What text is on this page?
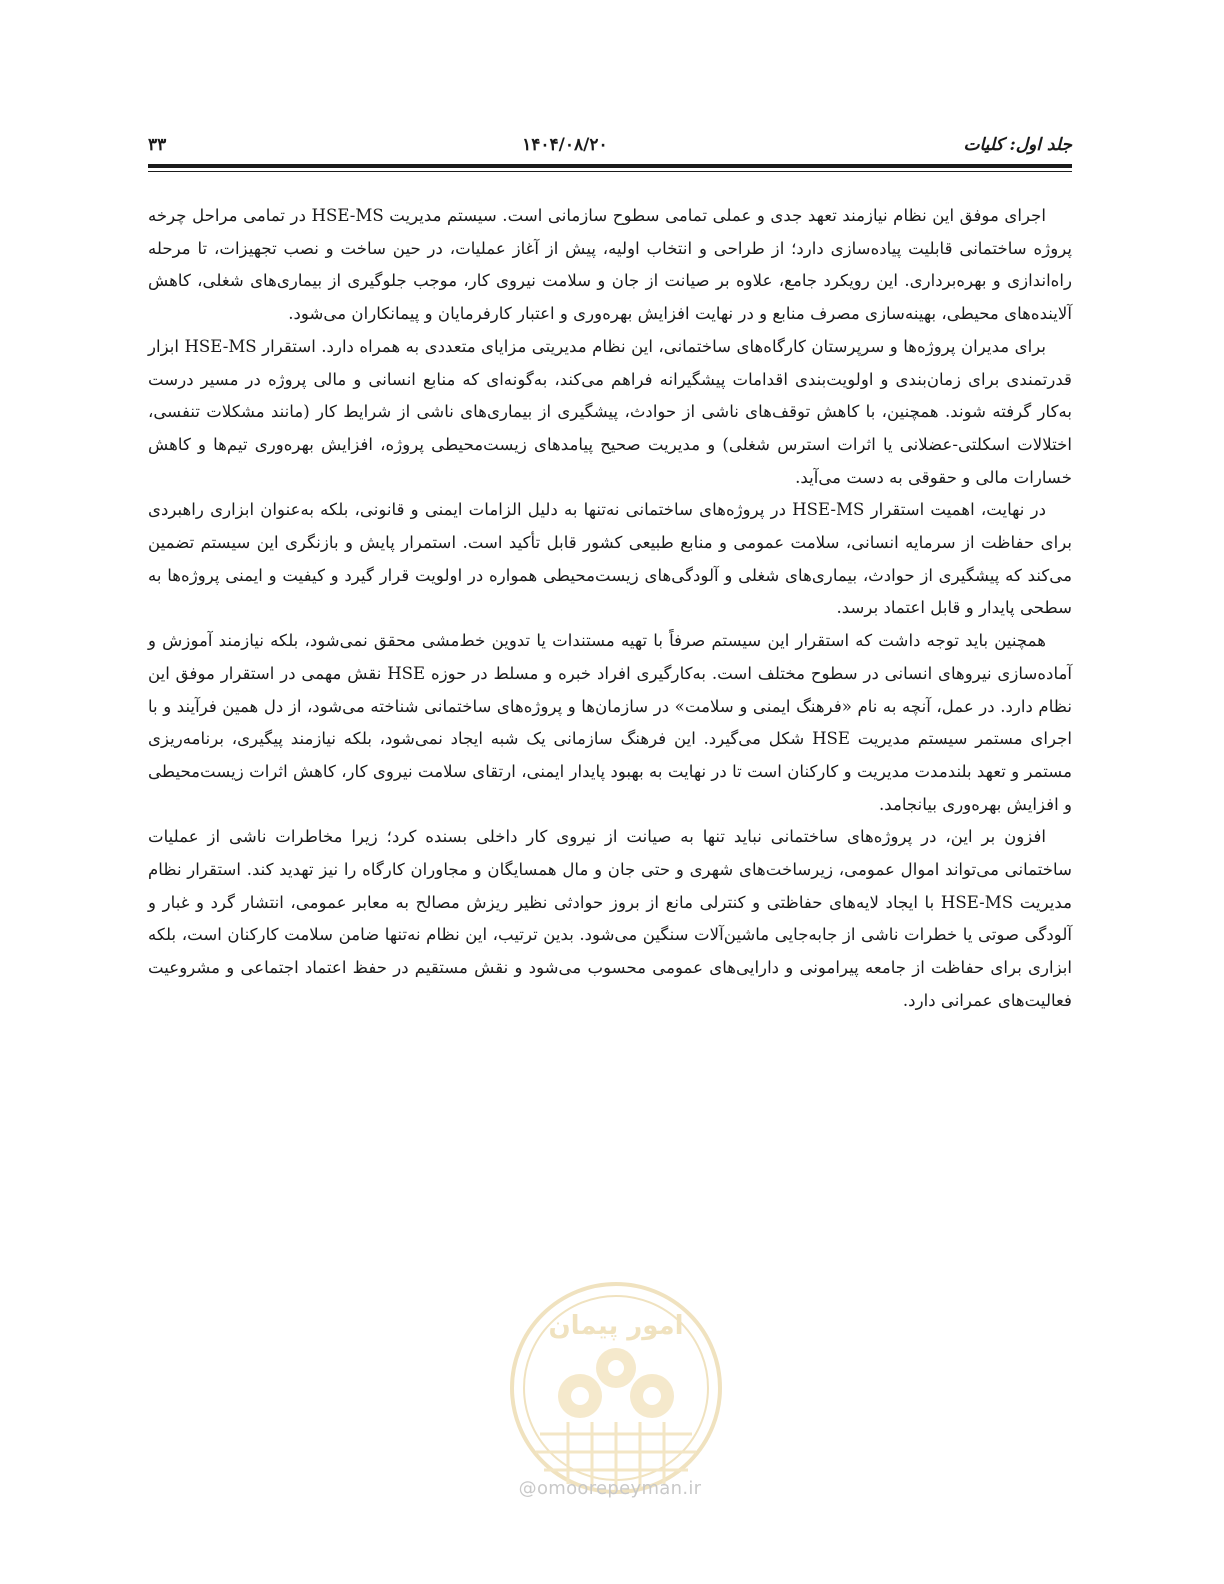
جلد اول: کلیات
۱۴۰۴/۰۸/۲۰
۳۳

اجرای موفق این نظام نیازمند تعهد جدی و عملی تمامی سطوح سازمانی است. سیستم مدیریت HSE-MS در تمامی مراحل چرخه پروژه ساختمانی قابلیت پیاده‌سازی دارد؛ از طراحی و انتخاب اولیه، پیش از آغاز عملیات، در حین ساخت و نصب تجهیزات، تا مرحله راه‌اندازی و بهره‌برداری. این رویکرد جامع، علاوه بر صیانت از جان و سلامت نیروی کار، موجب جلوگیری از بیماری‌های شغلی، کاهش آلاینده‌های محیطی، بهینه‌سازی مصرف منابع و در نهایت افزایش بهره‌وری و اعتبار کارفرمایان و پیمانکاران می‌شود.

برای مدیران پروژه‌ها و سرپرستان کارگاه‌های ساختمانی، این نظام مدیریتی مزایای متعددی به همراه دارد. استقرار HSE-MS ابزار قدرتمندی برای زمان‌بندی و اولویت‌بندی اقدامات پیشگیرانه فراهم می‌کند، به‌گونه‌ای که منابع انسانی و مالی پروژه در مسیر درست به‌کار گرفته شوند. همچنین، با کاهش توقف‌های ناشی از حوادث، پیشگیری از بیماری‌های ناشی از شرایط کار (مانند مشکلات تنفسی، اختلالات اسکلتی-عضلانی یا اثرات استرس شغلی) و مدیریت صحیح پیامدهای زیست‌محیطی پروژه، افزایش بهره‌وری تیم‌ها و کاهش خسارات مالی و حقوقی به دست می‌آید.

در نهایت، اهمیت استقرار HSE-MS در پروژه‌های ساختمانی نه‌تنها به دلیل الزامات ایمنی و قانونی، بلکه به‌عنوان ابزاری راهبردی برای حفاظت از سرمایه انسانی، سلامت عمومی و منابع طبیعی کشور قابل تأکید است. استمرار پایش و بازنگری این سیستم تضمین می‌کند که پیشگیری از حوادث، بیماری‌های شغلی و آلودگی‌های زیست‌محیطی همواره در اولویت قرار گیرد و کیفیت و ایمنی پروژه‌ها به سطحی پایدار و قابل اعتماد برسد.

همچنین باید توجه داشت که استقرار این سیستم صرفاً با تهیه مستندات یا تدوین خط‌مشی محقق نمی‌شود، بلکه نیازمند آموزش و آماده‌سازی نیروهای انسانی در سطوح مختلف است. به‌کارگیری افراد خبره و مسلط در حوزه HSE نقش مهمی در استقرار موفق این نظام دارد. در عمل، آنچه به نام «فرهنگ ایمنی و سلامت» در سازمان‌ها و پروژه‌های ساختمانی شناخته می‌شود، از دل همین فرآیند و با اجرای مستمر سیستم مدیریت HSE شکل می‌گیرد. این فرهنگ سازمانی یک شبه ایجاد نمی‌شود، بلکه نیازمند پیگیری، برنامه‌ریزی مستمر و تعهد بلندمدت مدیریت و کارکنان است تا در نهایت به بهبود پایدار ایمنی، ارتقای سلامت نیروی کار، کاهش اثرات زیست‌محیطی و افزایش بهره‌وری بیانجامد.

افزون بر این، در پروژه‌های ساختمانی نباید تنها به صیانت از نیروی کار داخلی بسنده کرد؛ زیرا مخاطرات ناشی از عملیات ساختمانی می‌تواند اموال عمومی، زیرساخت‌های شهری و حتی جان و مال همسایگان و مجاوران کارگاه را نیز تهدید کند. استقرار نظام مدیریت HSE-MS با ایجاد لایه‌های حفاظتی و کنترلی مانع از بروز حوادثی نظیر ریزش مصالح به معابر عمومی، انتشار گرد و غبار و آلودگی صوتی یا خطرات ناشی از جابه‌جایی ماشین‌آلات سنگین می‌شود. بدین ترتیب، این نظام نه‌تنها ضامن سلامت کارکنان است، بلکه ابزاری برای حفاظت از جامعه پیرامونی و دارایی‌های عمومی محسوب می‌شود و نقش مستقیم در حفظ اعتماد اجتماعی و مشروعیت فعالیت‌های عمرانی دارد.

امور پیمان
@omoorepeyman.ir
